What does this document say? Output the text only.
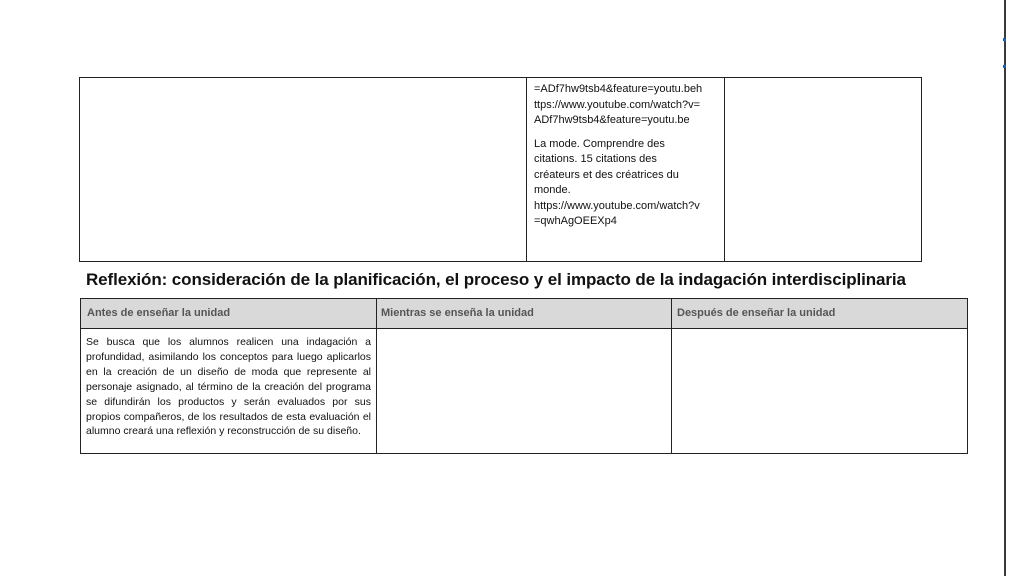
=ADf7hw9tsb4&feature=youtu.beh
ttps://www.youtube.com/watch?v=
ADf7hw9tsb4&feature=youtu.be

La mode. Comprendre des
citations. 15 citations des
créateurs et des créatrices du
monde.
https://www.youtube.com/watch?v
=qwhAgOEEXp4

Reflexión: consideración de la planificación, el proceso y el impacto de la indagación interdisciplinaria
Antes de enseñar la unidad	Mientras se enseña la unidad	Después de enseñar la unidad
Se busca que los alumnos realicen una indagación a profundidad, asimilando los conceptos para luego aplicarlos en la creación de un diseño de moda que represente al personaje asignado, al término de la creación del programa se difundirán los productos y serán evaluados por sus propios compañeros, de los resultados de esta evaluación el alumno creará una reflexión y reconstrucción de su diseño.
